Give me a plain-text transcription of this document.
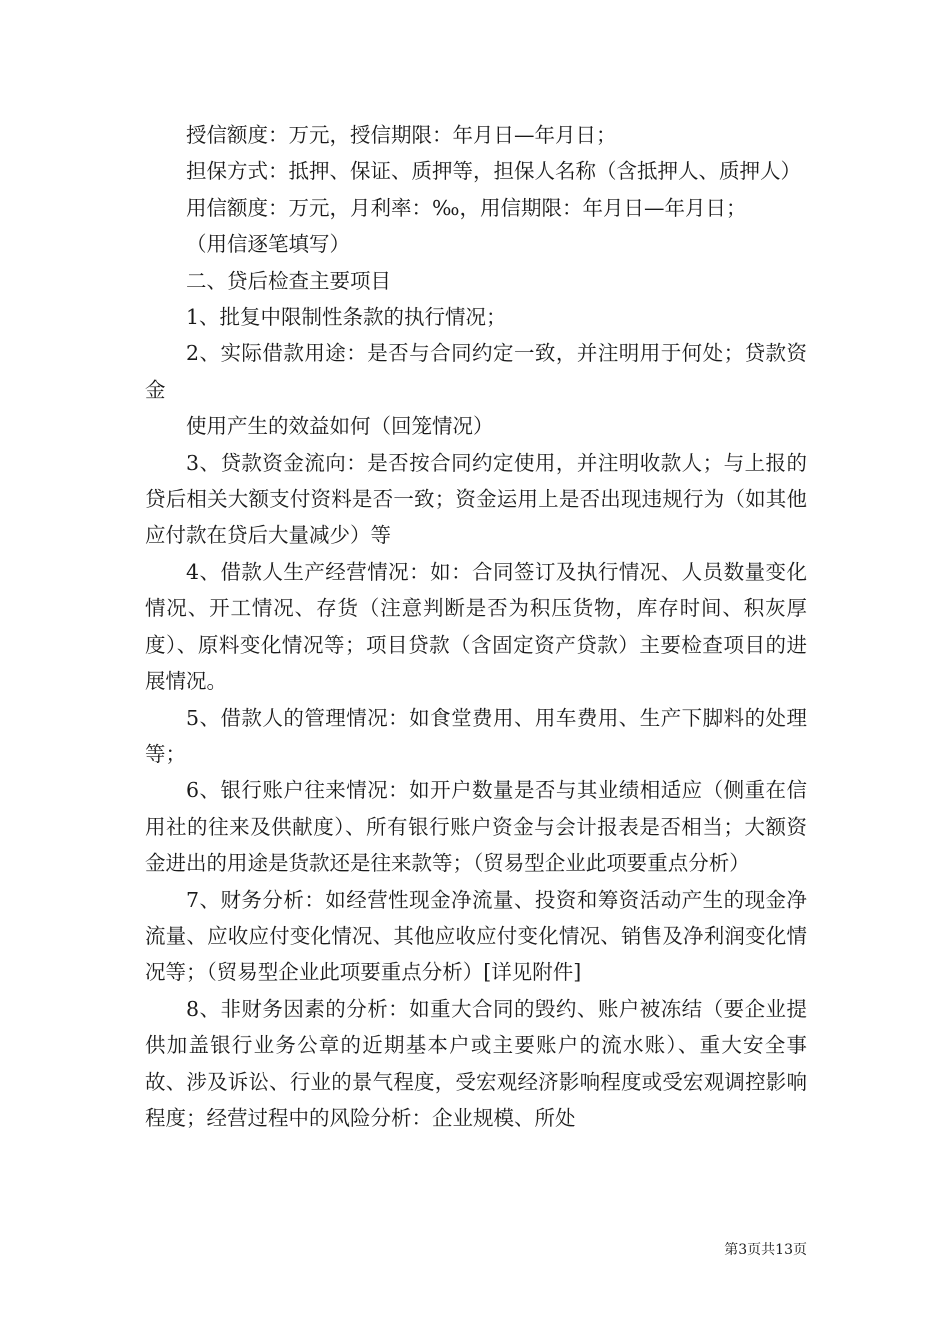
授信额度：万元，授信期限：年月日—年月日；

担保方式：抵押、保证、质押等，担保人名称（含抵押人、质押人）

用信额度：万元，月利率：‰，用信期限：年月日—年月日；

（用信逐笔填写）

二、贷后检查主要项目

1、批复中限制性条款的执行情况；

2、实际借款用途：是否与合同约定一致，并注明用于何处；贷款资金

使用产生的效益如何（回笼情况）

3、贷款资金流向：是否按合同约定使用，并注明收款人；与上报的贷后相关大额支付资料是否一致；资金运用上是否出现违规行为（如其他应付款在贷后大量减少）等

4、借款人生产经营情况：如：合同签订及执行情况、人员数量变化情况、开工情况、存货（注意判断是否为积压货物，库存时间、积灰厚度）、原料变化情况等；项目贷款（含固定资产贷款）主要检查项目的进展情况。

5、借款人的管理情况：如食堂费用、用车费用、生产下脚料的处理等；

6、银行账户往来情况：如开户数量是否与其业绩相适应（侧重在信用社的往来及供献度）、所有银行账户资金与会计报表是否相当；大额资金进出的用途是货款还是往来款等；（贸易型企业此项要重点分析）

7、财务分析：如经营性现金净流量、投资和筹资活动产生的现金净流量、应收应付变化情况、其他应收应付变化情况、销售及净利润变化情况等；（贸易型企业此项要重点分析）[详见附件]

8、非财务因素的分析：如重大合同的毁约、账户被冻结（要企业提供加盖银行业务公章的近期基本户或主要账户的流水账）、重大安全事故、涉及诉讼、行业的景气程度，受宏观经济影响程度或受宏观调控影响程度；经营过程中的风险分析：企业规模、所处

第3页共13页
